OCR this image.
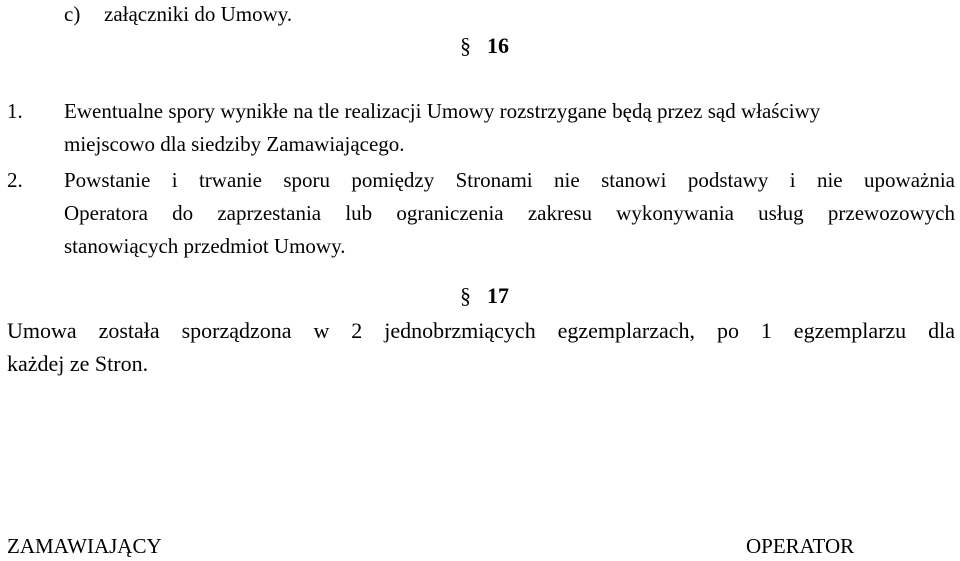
c) załączniki do Umowy.
§ 16
1. Ewentualne spory wynikłe na tle realizacji Umowy rozstrzygane będą przez sąd właściwy
miejscowo dla siedziby Zamawiającego.
2. Powstanie i trwanie sporu pomiędzy Stronami nie stanowi podstawy i nie upoważnia
Operatora do zaprzestania lub ograniczenia zakresu wykonywania usług przewozowych
stanowiących przedmiot Umowy.
§ 17
Umowa została sporządzona w 2 jednobrzmiących egzemplarzach, po 1 egzemplarzu dla
każdej ze Stron.
ZAMAWIAJĄCY	OPERATOR
